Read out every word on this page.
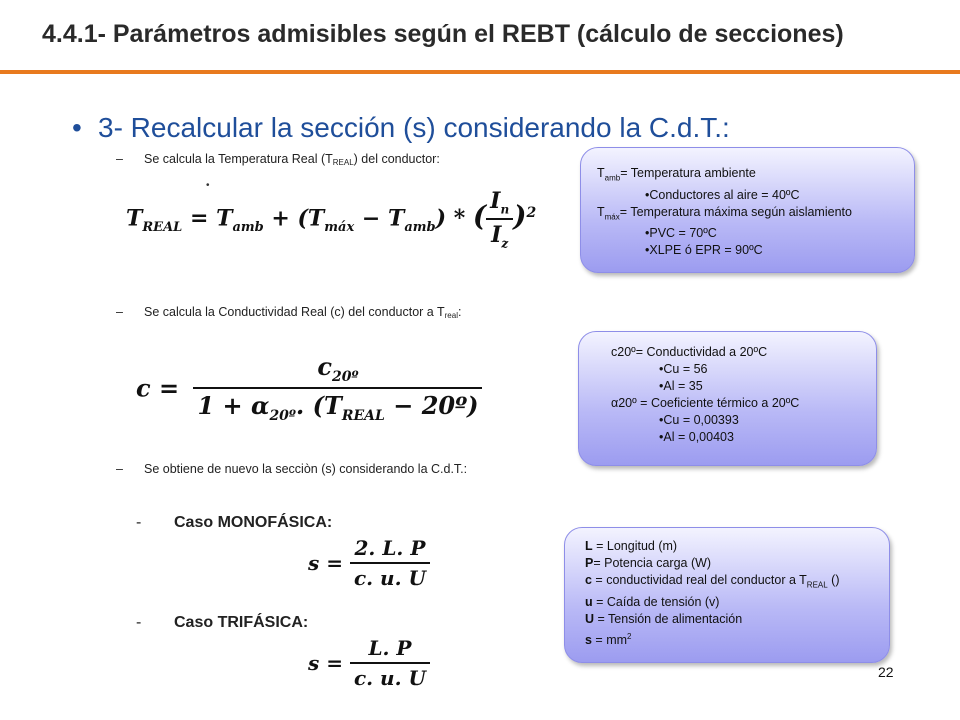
4.4.1- Parámetros admisibles según el REBT (cálculo de secciones)
• 3- Recalcular la sección (s) considerando la C.d.T.:
– Se calcula la Temperatura Real $(T_{REAL})$ del conductor:
•
$T_{REAL} = T_{amb} + (T_{máx} - T_{amb})$ * ( $\frac{I_n}{I_z} )^2$
– Se calcula la Conductividad Real (c) del conductor a $T_{real}$:
$c = \frac{c_{20º}}{1 + \alpha_{20º}. (T_{REAL} - 20º)}$
– Se obtiene de nuevo la secciòn (s) considerando la C.d.T.:
- Caso MONOFÁSICA:
$s = \frac{2. L. P}{c. u. U}$
- Caso TRIFÁSICA:
$s = \frac{L. P}{c. u. U}$
$T_{amb}=$ Temperatura ambiente
•Conductores al aire = 40ºC
$T_{máx}=$ Temperatura máxima según aislamiento
•PVC = 70ºC
•XLPE ó EPR = 90ºC
c20º= Conductividad a 20ºC
•Cu = 56
•Al = 35
α20º = Coeficiente térmico a 20ºC
•Cu = 0,00393
•Al = 0,00403
L = Longitud (m)
P= Potencia carga (W)
c = conductividad real del conductor a $T_{REAL}$ ()
u = Caída de tensión (v)
U = Tensión de alimentación
$s = mm^2$
22
